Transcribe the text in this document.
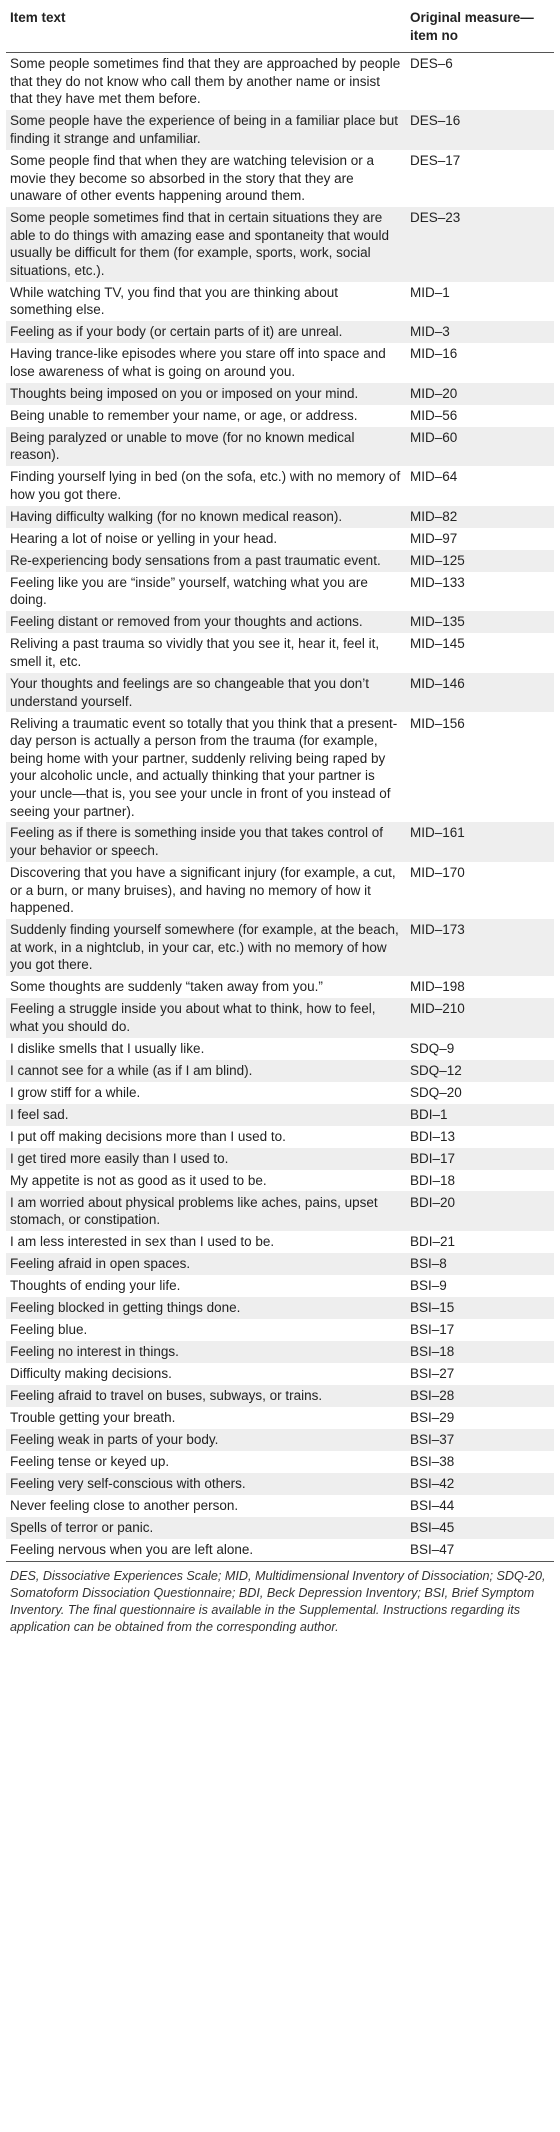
Item text	Original measure—item no
Some people sometimes find that they are approached by people that they do not know who call them by another name or insist that they have met them before.	DES–6
Some people have the experience of being in a familiar place but finding it strange and unfamiliar.	DES–16
Some people find that when they are watching television or a movie they become so absorbed in the story that they are unaware of other events happening around them.	DES–17
Some people sometimes find that in certain situations they are able to do things with amazing ease and spontaneity that would usually be difficult for them (for example, sports, work, social situations, etc.).	DES–23
While watching TV, you find that you are thinking about something else.	MID–1
Feeling as if your body (or certain parts of it) are unreal.	MID–3
Having trance-like episodes where you stare off into space and lose awareness of what is going on around you.	MID–16
Thoughts being imposed on you or imposed on your mind.	MID–20
Being unable to remember your name, or age, or address.	MID–56
Being paralyzed or unable to move (for no known medical reason).	MID–60
Finding yourself lying in bed (on the sofa, etc.) with no memory of how you got there.	MID–64
Having difficulty walking (for no known medical reason).	MID–82
Hearing a lot of noise or yelling in your head.	MID–97
Re-experiencing body sensations from a past traumatic event.	MID–125
Feeling like you are “inside” yourself, watching what you are doing.	MID–133
Feeling distant or removed from your thoughts and actions.	MID–135
Reliving a past trauma so vividly that you see it, hear it, feel it, smell it, etc.	MID–145
Your thoughts and feelings are so changeable that you don’t understand yourself.	MID–146
Reliving a traumatic event so totally that you think that a present-day person is actually a person from the trauma (for example, being home with your partner, suddenly reliving being raped by your alcoholic uncle, and actually thinking that your partner is your uncle—that is, you see your uncle in front of you instead of seeing your partner).	MID–156
Feeling as if there is something inside you that takes control of your behavior or speech.	MID–161
Discovering that you have a significant injury (for example, a cut, or a burn, or many bruises), and having no memory of how it happened.	MID–170
Suddenly finding yourself somewhere (for example, at the beach, at work, in a nightclub, in your car, etc.) with no memory of how you got there.	MID–173
Some thoughts are suddenly “taken away from you.”	MID–198
Feeling a struggle inside you about what to think, how to feel, what you should do.	MID–210
I dislike smells that I usually like.	SDQ–9
I cannot see for a while (as if I am blind).	SDQ–12
I grow stiff for a while.	SDQ–20
I feel sad.	BDI–1
I put off making decisions more than I used to.	BDI–13
I get tired more easily than I used to.	BDI–17
My appetite is not as good as it used to be.	BDI–18
I am worried about physical problems like aches, pains, upset stomach, or constipation.	BDI–20
I am less interested in sex than I used to be.	BDI–21
Feeling afraid in open spaces.	BSI–8
Thoughts of ending your life.	BSI–9
Feeling blocked in getting things done.	BSI–15
Feeling blue.	BSI–17
Feeling no interest in things.	BSI–18
Difficulty making decisions.	BSI–27
Feeling afraid to travel on buses, subways, or trains.	BSI–28
Trouble getting your breath.	BSI–29
Feeling weak in parts of your body.	BSI–37
Feeling tense or keyed up.	BSI–38
Feeling very self-conscious with others.	BSI–42
Never feeling close to another person.	BSI–44
Spells of terror or panic.	BSI–45
Feeling nervous when you are left alone.	BSI–47
DES, Dissociative Experiences Scale; MID, Multidimensional Inventory of Dissociation; SDQ-20, Somatoform Dissociation Questionnaire; BDI, Beck Depression Inventory; BSI, Brief Symptom Inventory. The final questionnaire is available in the Supplemental. Instructions regarding its application can be obtained from the corresponding author.
